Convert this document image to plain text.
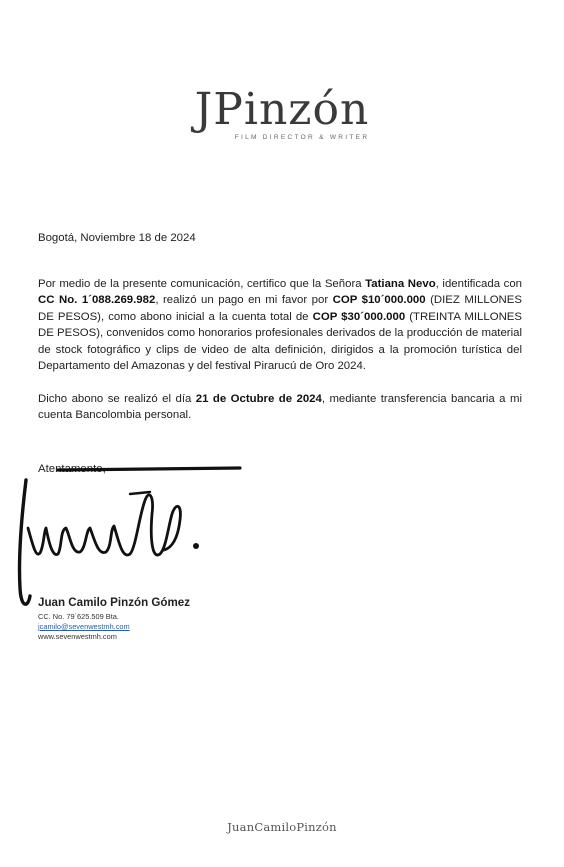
JPinzón
FILM DIRECTOR & WRITER
Bogotá, Noviembre 18 de 2024
Por medio de la presente comunicación, certifico que la Señora Tatiana Nevo, identificada con CC No. 1´088.269.982, realizó un pago en mi favor por COP $10´000.000 (DIEZ MILLONES DE PESOS), como abono inicial a la cuenta total de COP $30´000.000 (TREINTA MILLONES DE PESOS), convenidos como honorarios profesionales derivados de la producción de material de stock fotográfico y clips de video de alta definición, dirigidos a la promoción turística del Departamento del Amazonas y del festival Pirarucú de Oro 2024.
Dicho abono se realizó el día 21 de Octubre de 2024, mediante transferencia bancaria a mi cuenta Bancolombia personal.
Atentamente,
Juan Camilo Pinzón Gómez
CC. No. 79´625.509 Bta.
jcamilo@sevenwestmh.com
www.sevenwestmh.com
JuanCamiloPinzón
